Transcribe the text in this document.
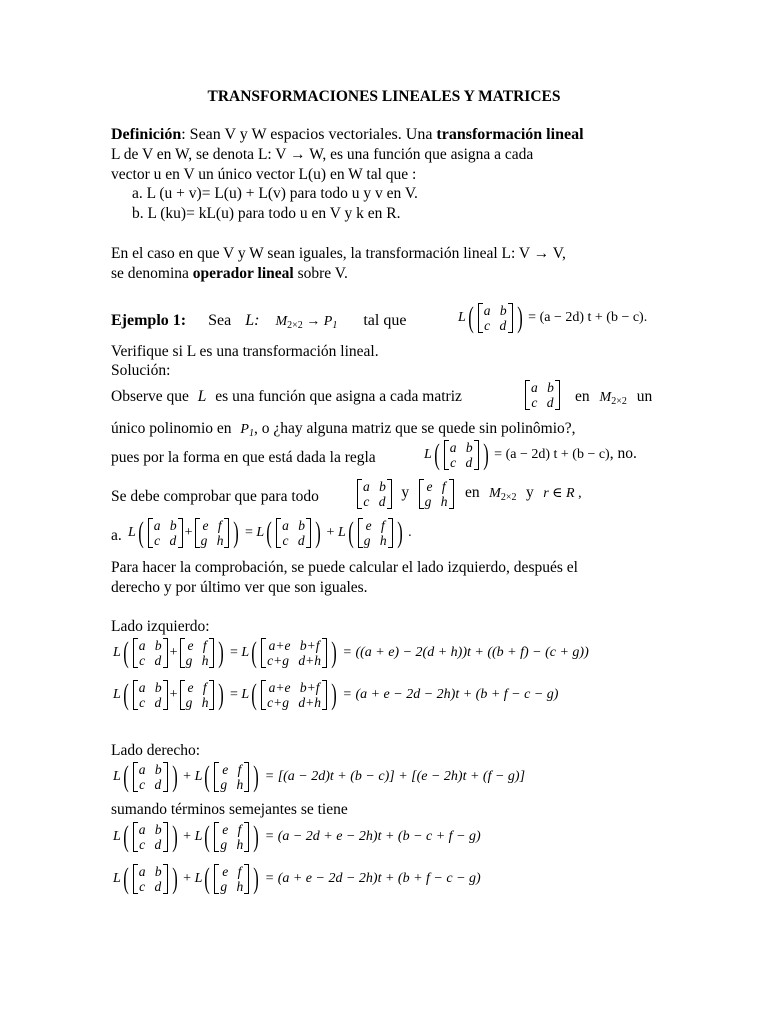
TRANSFORMACIONES LINEALES Y MATRICES
Definición: Sean V y W espacios vectoriales. Una transformación lineal
L de V en W, se denota L: V → W, es una función que asigna a cada
vector u en V un único vector L(u) en W tal que :
a. L (u + v)= L(u) + L(v) para todo u y v en V.
b. L (ku)= kL(u) para todo u en V y k en R.
En el caso en que V y W sean iguales, la transformación lineal L: V → V,
se denomina operador lineal sobre V.
Ejemplo 1: Sea L: $M_{2\times 2} \to P_1$ tal que	L( a b
c d ) = (a − 2d) t + (b − c).
Verifique si L es una transformación lineal.
Solución:
Observe que L es una función que asigna a cada matriz
a b
c d en $M_{2\times 2}$ un
único polinomio en $P_1$, o ¿hay alguna matriz que se quede sin polinômio?,
pues por la forma en que está dada la regla	L( a b
c d ) = (a − 2d) t + (b − c), no.
Se debe comprobar que para todo
a b
c d
y e f
g h
en $M_{2\times 2}$ y r ∈ R ,
a. L( a b
c d
+ e f
g h ) = L( a b
c d ) + L( e f
g h ) .
Para hacer la comprobación, se puede calcular el lado izquierdo, después el
derecho y por último ver que son iguales.
Lado izquierdo:
L( a b
c d
+ e f
g h ) = L( a+e b+f
c+g d+h ) = ((a + e) − 2(d + h))t + ((b + f) − (c + g))
L( a b
c d
+ e f
g h ) = L( a+e b+f
c+g d+h ) = (a + e − 2d − 2h)t + (b + f − c − g)
Lado derecho:
L( a b
c d ) + L( e f
g h ) = [(a − 2d)t + (b − c)] + [(e − 2h)t + (f − g)]
sumando términos semejantes se tiene
L( a b
c d ) + L( e f
g h ) = (a − 2d + e − 2h)t + (b − c + f − g)
L( a b
c d ) + L( e f
g h ) = (a + e − 2d − 2h)t + (b + f − c − g)
